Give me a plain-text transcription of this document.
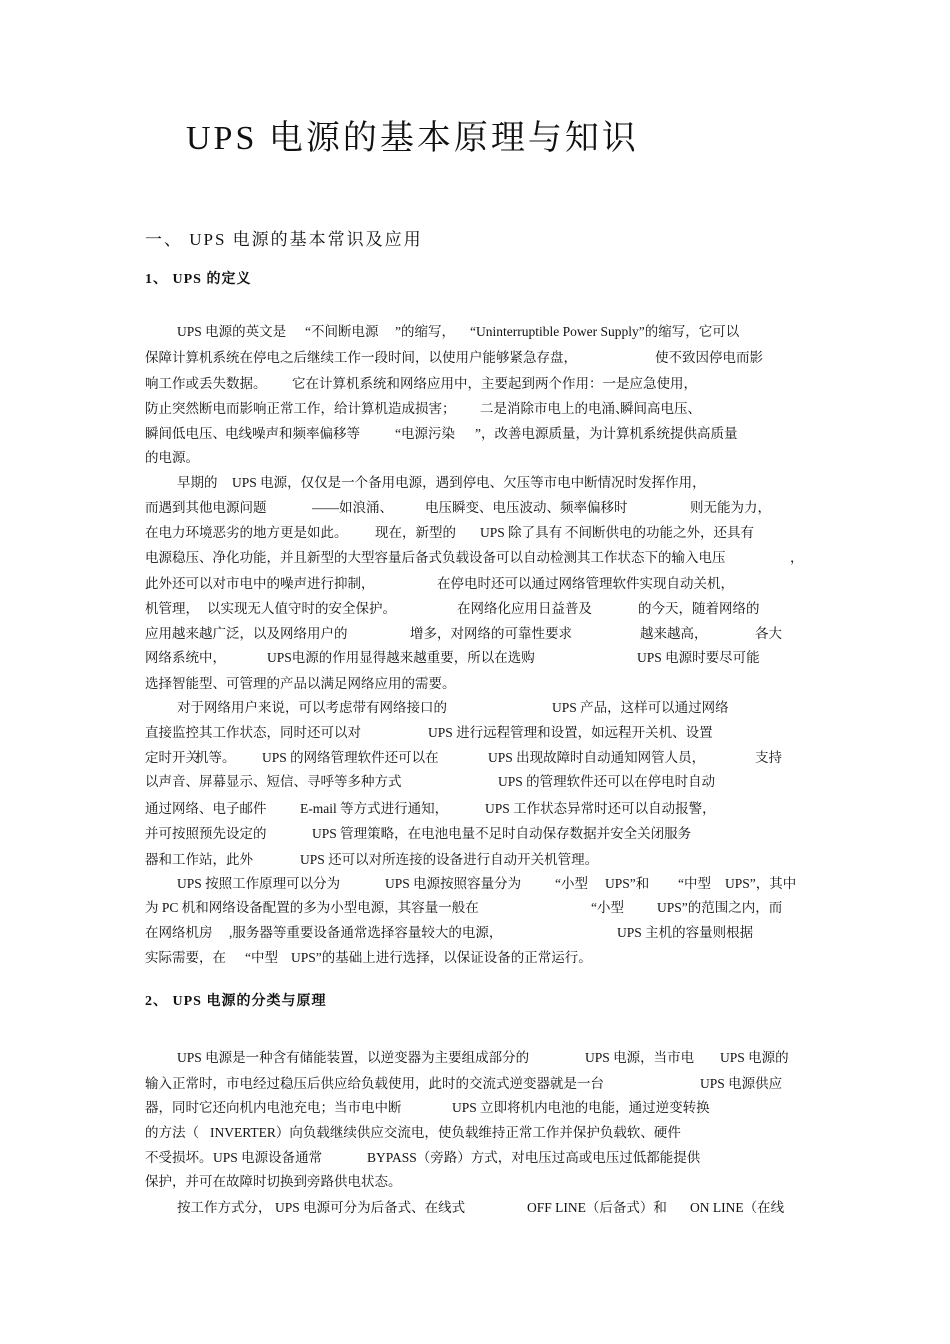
UPS 电源的基本原理与知识
一、 UPS 电源的基本常识及应用
1、 UPS 的定义
2、 UPS 电源的分类与原理
UPS 电源的英文是 “不间断电源 ”的缩写， “Uninterruptible Power Supply”的缩写，它可以
保障计算机系统在停电之后继续工作一段时间，以使用户能够紧急存盘，	使不致因停电而影
响工作或丢失数据。 它在计算机系统和网络应用中，主要起到两个作用：一是应急使用，
防止突然断电而影响正常工作，给计算机造成损害； 二是消除市电上的电涌、
瞬间高电压、
瞬间低电压、 电线噪声和频率偏移等	“电源污染 ”，改善电源质量，为计算机系统提供高质量
的电源。
早期的 UPS 电源，仅仅是一个备用电源，遇到停电、欠压等市电中断情况时发挥作用，
而遇到其他电源问题	——如浪涌、 电压瞬变、电压波动、频率偏移时	则无能为力，
在电力环境恶劣的地方更是如此。 现在，新型的 UPS 除了具有 不间断供电的功能之外，还具有
电源稳压、净化功能，并且新型的大型容量后备式负载设备可以自动检测其工作状态下的输入电压	，
此外还可以对市电中的噪声进行抑制，	在停电时还可以通过网络管理软件实现自动关机，
机管理， 以实现无人值守时的安全保护。	在网络化应用日益普及	的今天，随着网络的
应用越来越广泛，以及网络用户的	增多，对网络的可靠性要求	越来越高，	各大
网络系统中，	UPS电源的作用显得越来越重要，所以在选购	UPS 电源时要尽可能
选择智能型、可管理的产品以满足网络应用的需要。
对于网络用户来说，可以考虑带有网络接口的	UPS 产品，这样可以通过网络
直接监控其工作状态，同时还可以对	UPS 进行远程管理和设置，如远程开关机、设置
定时开关
机等。 UPS 的网络管理软件还可以在	UPS 出现故障时自动通知网管人员，	支持
以声音、屏幕显示、短信、寻呼等多种方式	UPS 的管理软件还可以在停电时自动
通过网络、电子邮件 E-mail 等方式进行通知，	UPS 工作状态异常时还可以自动报警，
并可按照预先设定的	UPS 管理策略，在电池电量不足时自动保存数据并安全关闭服务
器和工作站，此外	UPS 还可以对所连接的设备进行自动开关机管理。
UPS 按照工作原理可以分为	UPS 电源按照容量分为	“小型 UPS”和 “中型 UPS”，其中
为 PC 机和网络设备配置的多为小型电源，其容量一般在	“小型 UPS”的范围之内，而
在网络机房 ,服务器等重要设备通常选择容量较大的电源，	UPS 主机的容量则根据
实际需要，在 “中型 UPS”的基础上进行选择，以保证设备的正常运行。
UPS 电源是一种含有储能装置，以逆变器为主要组成部分的	UPS 电源，当市电 UPS 电源的
输入正常时，市电经过稳压后供应给负载使用，此时的交流式逆变器就是一台	UPS 电源供应
器，同时它还向机内电池充电；当市电中断	UPS 立即将机内电池的电能，通过逆变转换
的方法（ INVERTER）向负载继续供应交流电，使负载维持正常工作并保护负载软、硬件
不受损坏。 UPS 电源设备通常	BYPASS（旁路）方式，对电压过高或电压过低都能提供
保护，并可在故障时切换到旁路供电状态。
按工作方式分， UPS 电源可分为后备式、在线式	OFF LINE（后备式）和 ON LINE（在线
